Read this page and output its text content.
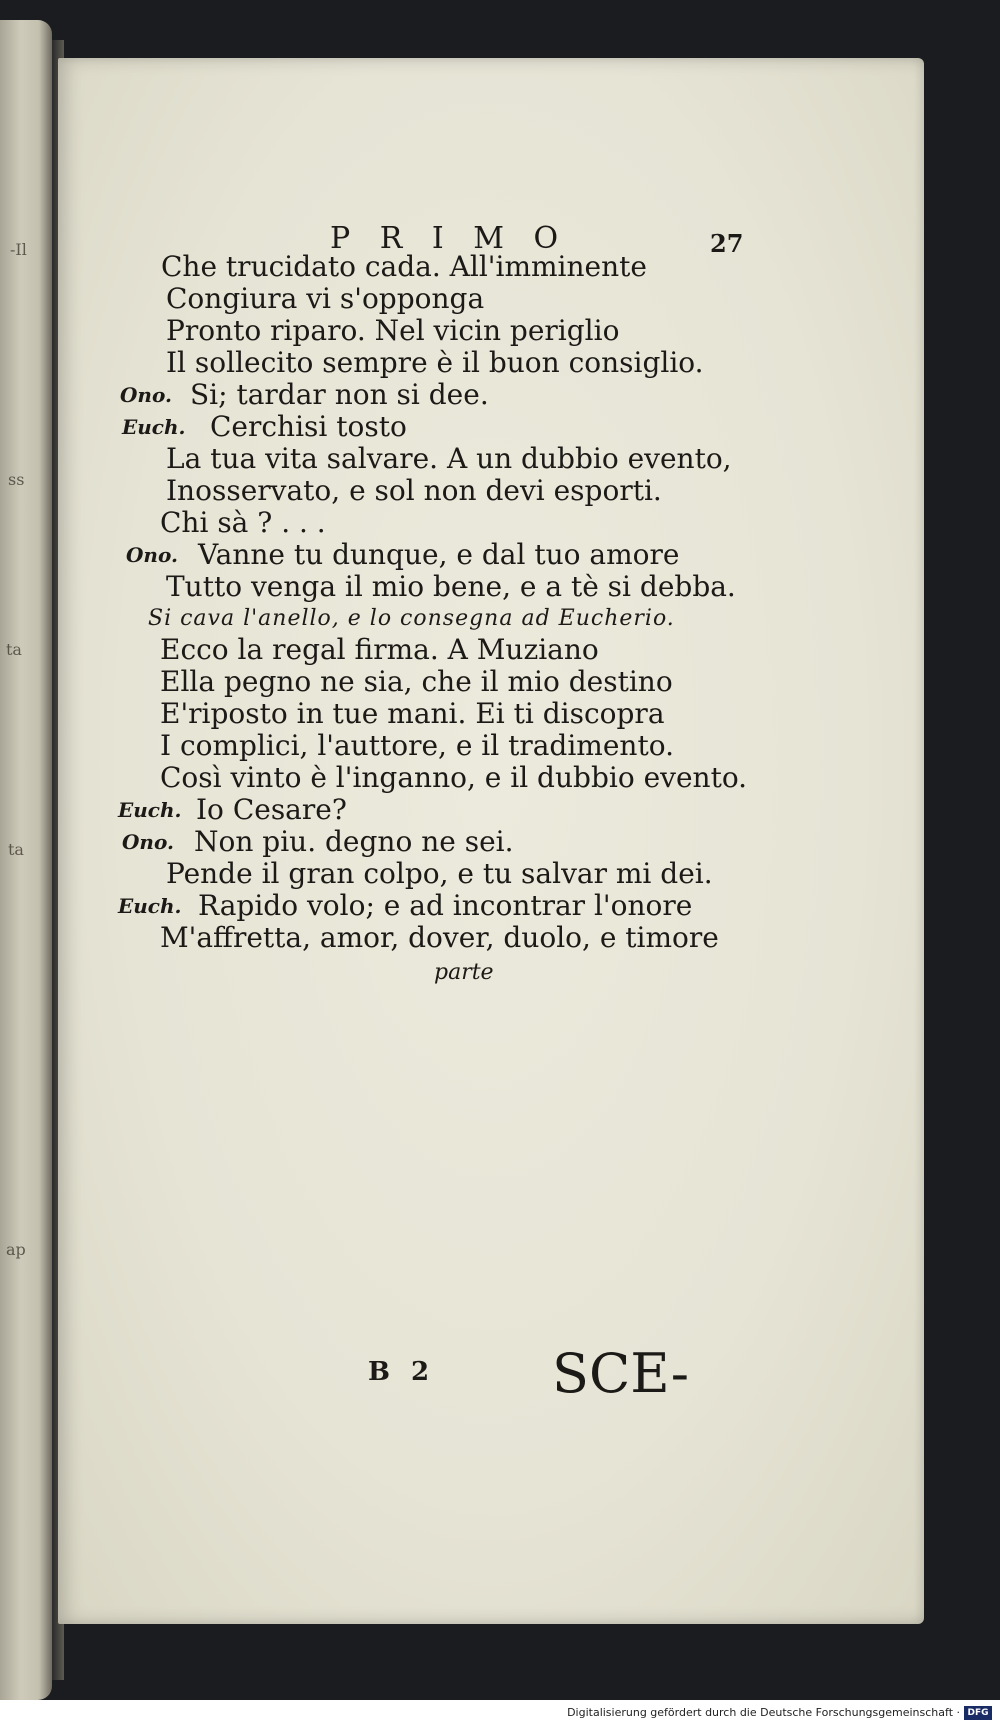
-Il
ss
ta
ta
ap
P R I M O	27
Che trucidato cada. All'imminente
Congiura vi s'opponga
Pronto riparo. Nel vicin periglio
Il sollecito sempre è il buon consiglio.
Ono. Si; tardar non si dee.
Euch. Cerchisi tosto
La tua vita salvare. A un dubbio evento,
Inosservato, e sol non devi esporti.
Chi sà ? . . .
Ono. Vanne tu dunque, e dal tuo amore
Tutto venga il mio bene, e a tè si debba.
Si cava l'anello, e lo consegna ad Eucherio.
Ecco la regal firma. A Muziano
Ella pegno ne sia, che il mio destino
E'riposto in tue mani. Ei ti discopra
I complici, l'auttore, e il tradimento.
Così vinto è l'inganno, e il dubbio evento.
Euch. Io Cesare?
Ono. Non piu. degno ne sei.
Pende il gran colpo, e tu salvar mi dei.
Euch. Rapido volo; e ad incontrar l'onore
M'affretta, amor, dover, duolo, e timore
parte
B 2 SCE-
Digitalisierung gefördert durch die Deutsche Forschungsgemeinschaft · DFG
